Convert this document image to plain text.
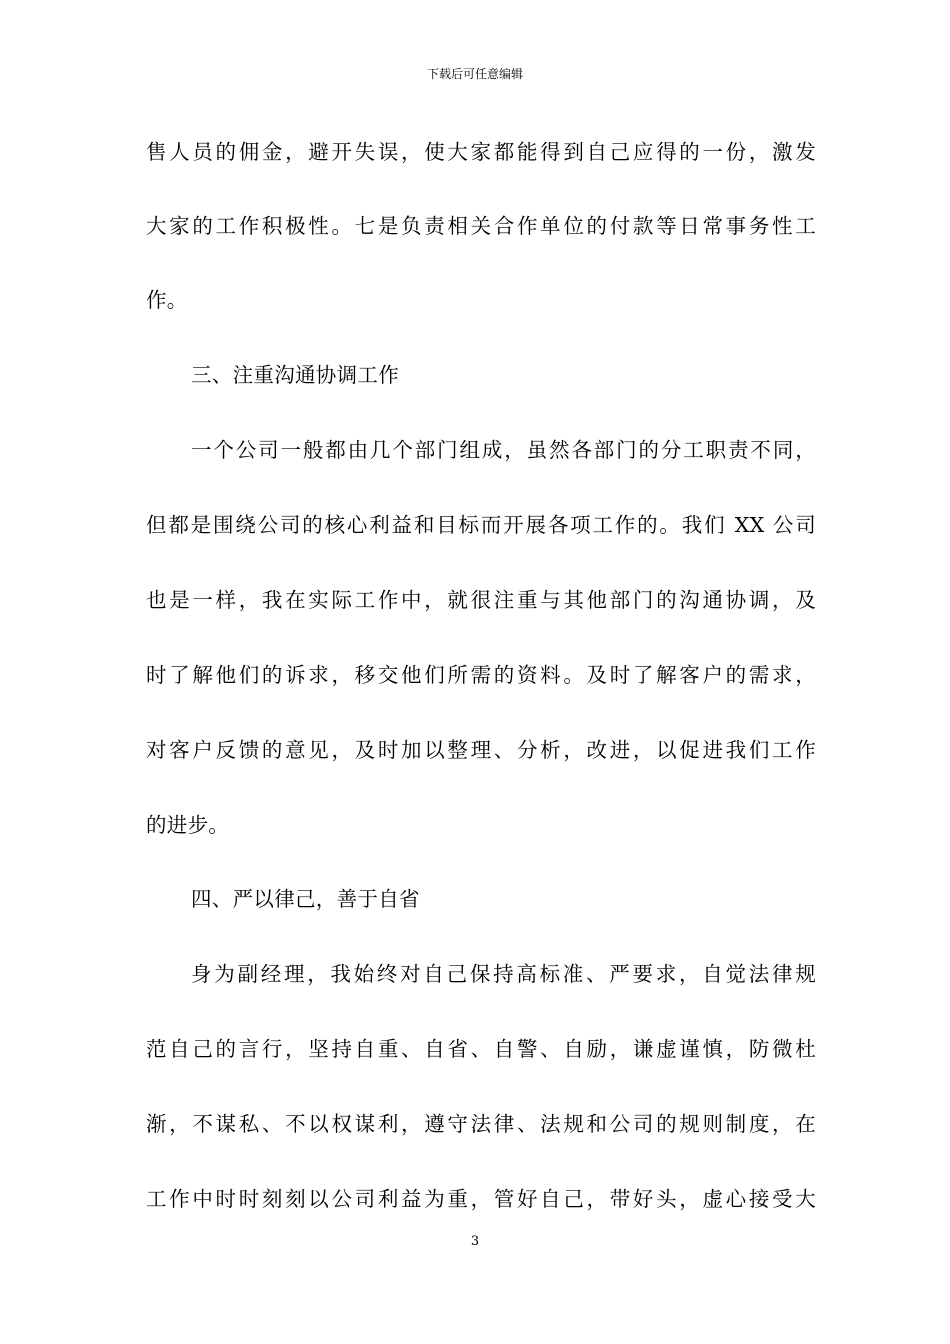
下载后可任意编辑
售人员的佣金，避开失误，使大家都能得到自己应得的一份，激发
大家的工作积极性。七是负责相关合作单位的付款等日常事务性工
作。
三、注重沟通协调工作
一个公司一般都由几个部门组成，虽然各部门的分工职责不同，
但都是围绕公司的核心利益和目标而开展各项工作的。我们 XX 公司
也是一样，我在实际工作中，就很注重与其他部门的沟通协调，及
时了解他们的诉求，移交他们所需的资料。及时了解客户的需求，
对客户反馈的意见，及时加以整理、分析，改进，以促进我们工作
的进步。
四、严以律己，善于自省
身为副经理，我始终对自己保持高标准、严要求，自觉法律规
范自己的言行，坚持自重、自省、自警、自励，谦虚谨慎，防微杜
渐，不谋私、不以权谋利，遵守法律、法规和公司的规则制度，在
工作中时时刻刻以公司利益为重，管好自己，带好头，虚心接受大
3
